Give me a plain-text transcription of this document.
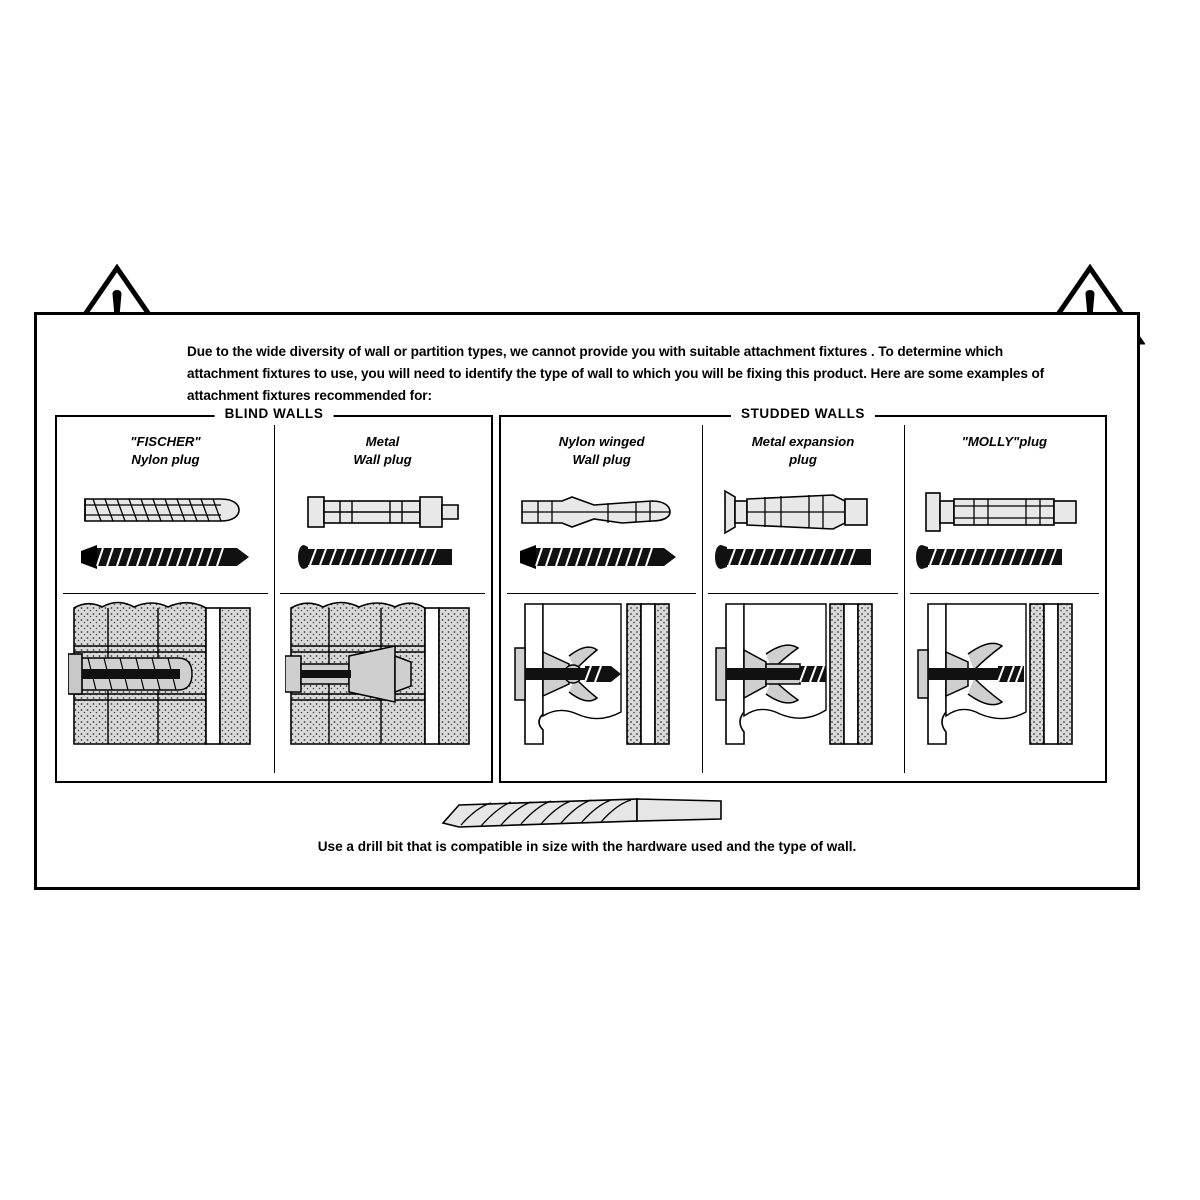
Due to the wide diversity of wall or partition types, we cannot provide you with suitable attachment fixtures . To determine which attachment fixtures to use, you will need to identify the type of wall to which you will be fixing this product. Here are some examples of attachment fixtures recommended for:

BLIND WALLS
"FISCHER"
Nylon plug
Metal
Wall plug
STUDDED WALLS
Nylon winged
Wall plug
Metal expansion
plug
"MOLLY"plug
Use a drill bit that is compatible in size with the hardware used and the type of wall.
